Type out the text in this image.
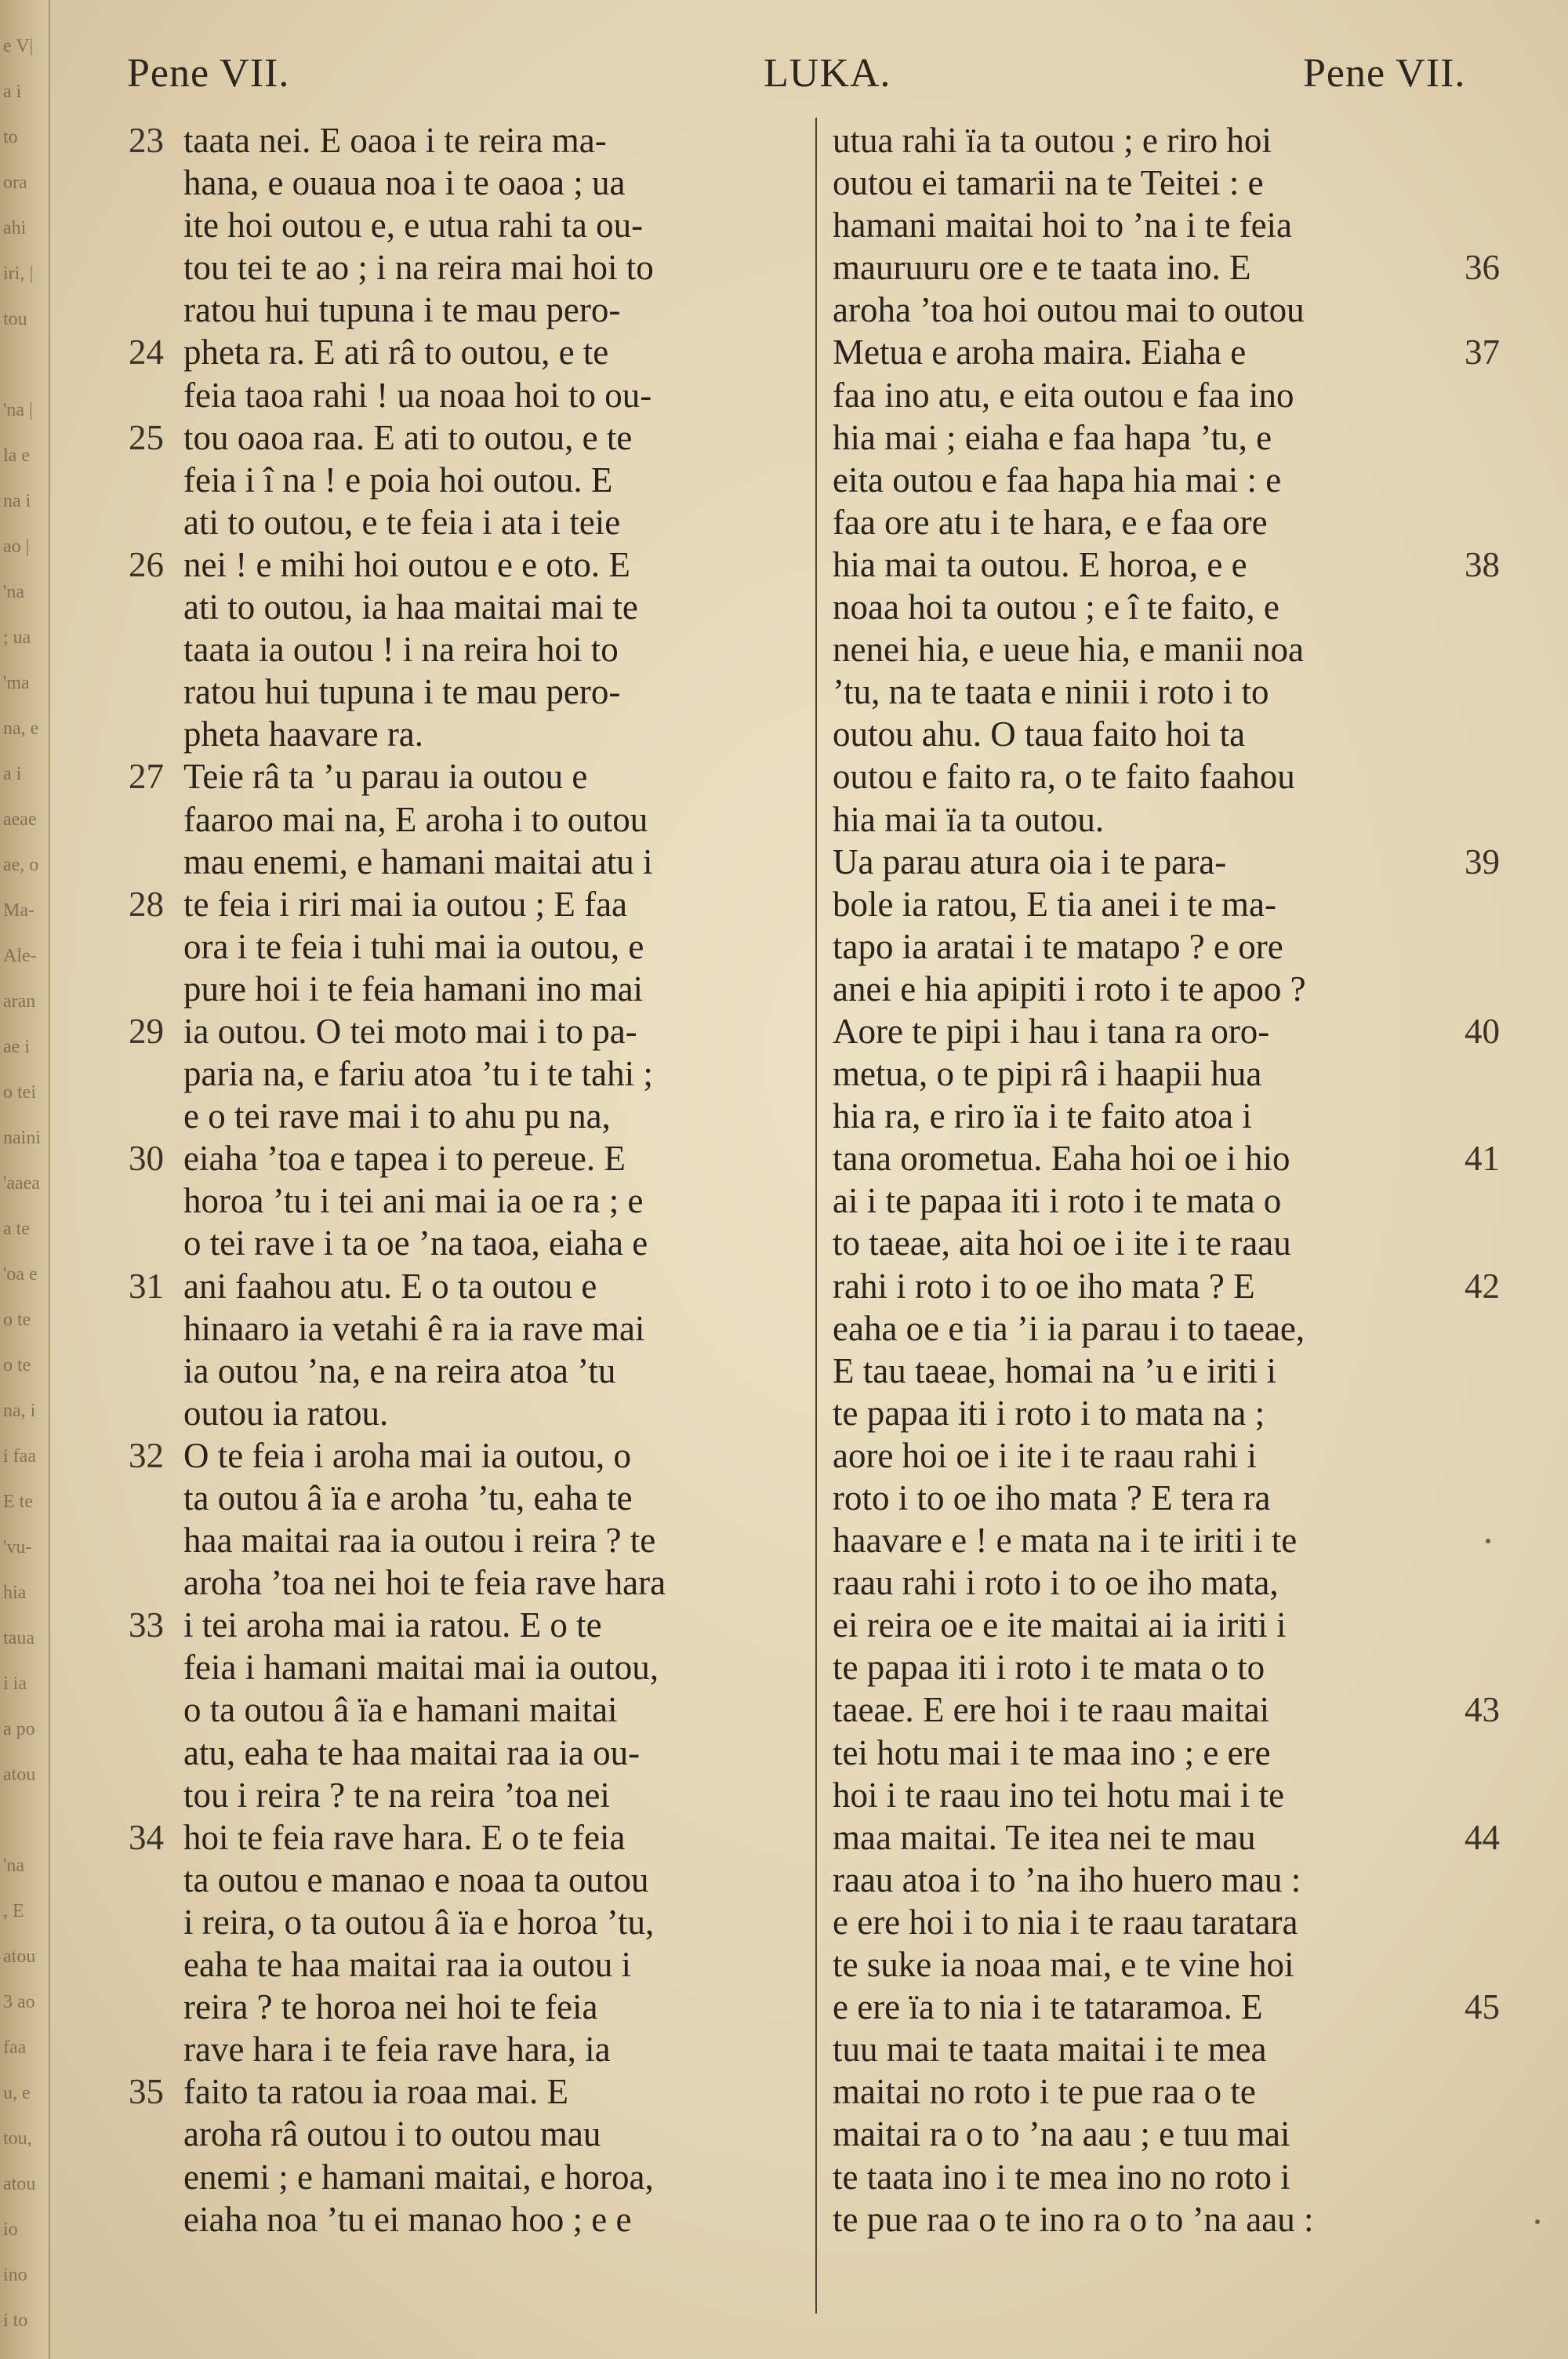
e V|
a i
to
ora
ahi
iri, |
tou

'na |
la e
na i
ao |
'na
; ua
'ma
na, e
a i
aeae
ae, o
Ma-
Ale-
aran
ae i
o tei
naini
'aaea
a te
'oa e
o te
o te
na, i
i faa
E te
'vu-
hia
taua
i ia
a po
atou

'na
, E
atou
3 ao
faa
u, e
tou,
atou
io
ino
i to
Pene VII.	LUKA.	Pene VII.
23 taata nei. E oaoa i te reira ma-
hana, e ouaua noa i te oaoa ; ua
ite hoi outou e, e utua rahi ta ou-
tou tei te ao ; i na reira mai hoi to
ratou hui tupuna i te mau pero-
24 pheta ra. E ati râ to outou, e te
feia taoa rahi ! ua noaa hoi to ou-
25 tou oaoa raa. E ati to outou, e te
feia i î na ! e poia hoi outou. E
ati to outou, e te feia i ata i teie
26 nei ! e mihi hoi outou e e oto. E
ati to outou, ia haa maitai mai te
taata ia outou ! i na reira hoi to
ratou hui tupuna i te mau pero-
pheta haavare ra.
27 Teie râ ta ’u parau ia outou e
faaroo mai na, E aroha i to outou
mau enemi, e hamani maitai atu i
28 te feia i riri mai ia outou ; E faa
ora i te feia i tuhi mai ia outou, e
pure hoi i te feia hamani ino mai
29 ia outou. O tei moto mai i to pa-
paria na, e fariu atoa ’tu i te tahi ;
e o tei rave mai i to ahu pu na,
30 eiaha ’toa e tapea i to pereue. E
horoa ’tu i tei ani mai ia oe ra ; e
o tei rave i ta oe ’na taoa, eiaha e
31 ani faahou atu. E o ta outou e
hinaaro ia vetahi ê ra ia rave mai
ia outou ’na, e na reira atoa ’tu
outou ia ratou.
32 O te feia i aroha mai ia outou, o
ta outou â ïa e aroha ’tu, eaha te
haa maitai raa ia outou i reira ? te
aroha ’toa nei hoi te feia rave hara
33 i tei aroha mai ia ratou. E o te
feia i hamani maitai mai ia outou,
o ta outou â ïa e hamani maitai
atu, eaha te haa maitai raa ia ou-
tou i reira ? te na reira ’toa nei
34 hoi te feia rave hara. E o te feia
ta outou e manao e noaa ta outou
i reira, o ta outou â ïa e horoa ’tu,
eaha te haa maitai raa ia outou i
reira ? te horoa nei hoi te feia
rave hara i te feia rave hara, ia
35 faito ta ratou ia roaa mai. E
aroha râ outou i to outou mau
enemi ; e hamani maitai, e horoa,
eiaha noa ’tu ei manao hoo ; e e
utua rahi ïa ta outou ; e riro hoi
outou ei tamarii na te Teitei : e
hamani maitai hoi to ’na i te feia
36
mauruuru ore e te taata ino. E
aroha ’toa hoi outou mai to outou
37
Metua e aroha maira. Eiaha e
faa ino atu, e eita outou e faa ino
hia mai ; eiaha e faa hapa ’tu, e
eita outou e faa hapa hia mai : e
faa ore atu i te hara, e e faa ore
38
hia mai ta outou. E horoa, e e
noaa hoi ta outou ; e î te faito, e
nenei hia, e ueue hia, e manii noa
’tu, na te taata e ninii i roto i to
outou ahu. O taua faito hoi ta
outou e faito ra, o te faito faahou
hia mai ïa ta outou.
39
Ua parau atura oia i te para-
bole ia ratou, E tia anei i te ma-
tapo ia aratai i te matapo ? e ore
anei e hia apipiti i roto i te apoo ?
40
Aore te pipi i hau i tana ra oro-
metua, o te pipi râ i haapii hua
hia ra, e riro ïa i te faito atoa i
41
tana orometua. Eaha hoi oe i hio
ai i te papaa iti i roto i te mata o
to taeae, aita hoi oe i ite i te raau
42
rahi i roto i to oe iho mata ? E
eaha oe e tia ’i ia parau i to taeae,
E tau taeae, homai na ’u e iriti i
te papaa iti i roto i to mata na ;
aore hoi oe i ite i te raau rahi i
roto i to oe iho mata ? E tera ra
haavare e ! e mata na i te iriti i te
raau rahi i roto i to oe iho mata,
ei reira oe e ite maitai ai ia iriti i
te papaa iti i roto i te mata o to
43
taeae. E ere hoi i te raau maitai
tei hotu mai i te maa ino ; e ere
hoi i te raau ino tei hotu mai i te
44
maa maitai. Te itea nei te mau
raau atoa i to ’na iho huero mau :
e ere hoi i to nia i te raau taratara
te suke ia noaa mai, e te vine hoi
45
e ere ïa to nia i te tataramoa. E
tuu mai te taata maitai i te mea
maitai no roto i te pue raa o te
maitai ra o to ’na aau ; e tuu mai
te taata ino i te mea ino no roto i
te pue raa o te ino ra o to ’na aau :
